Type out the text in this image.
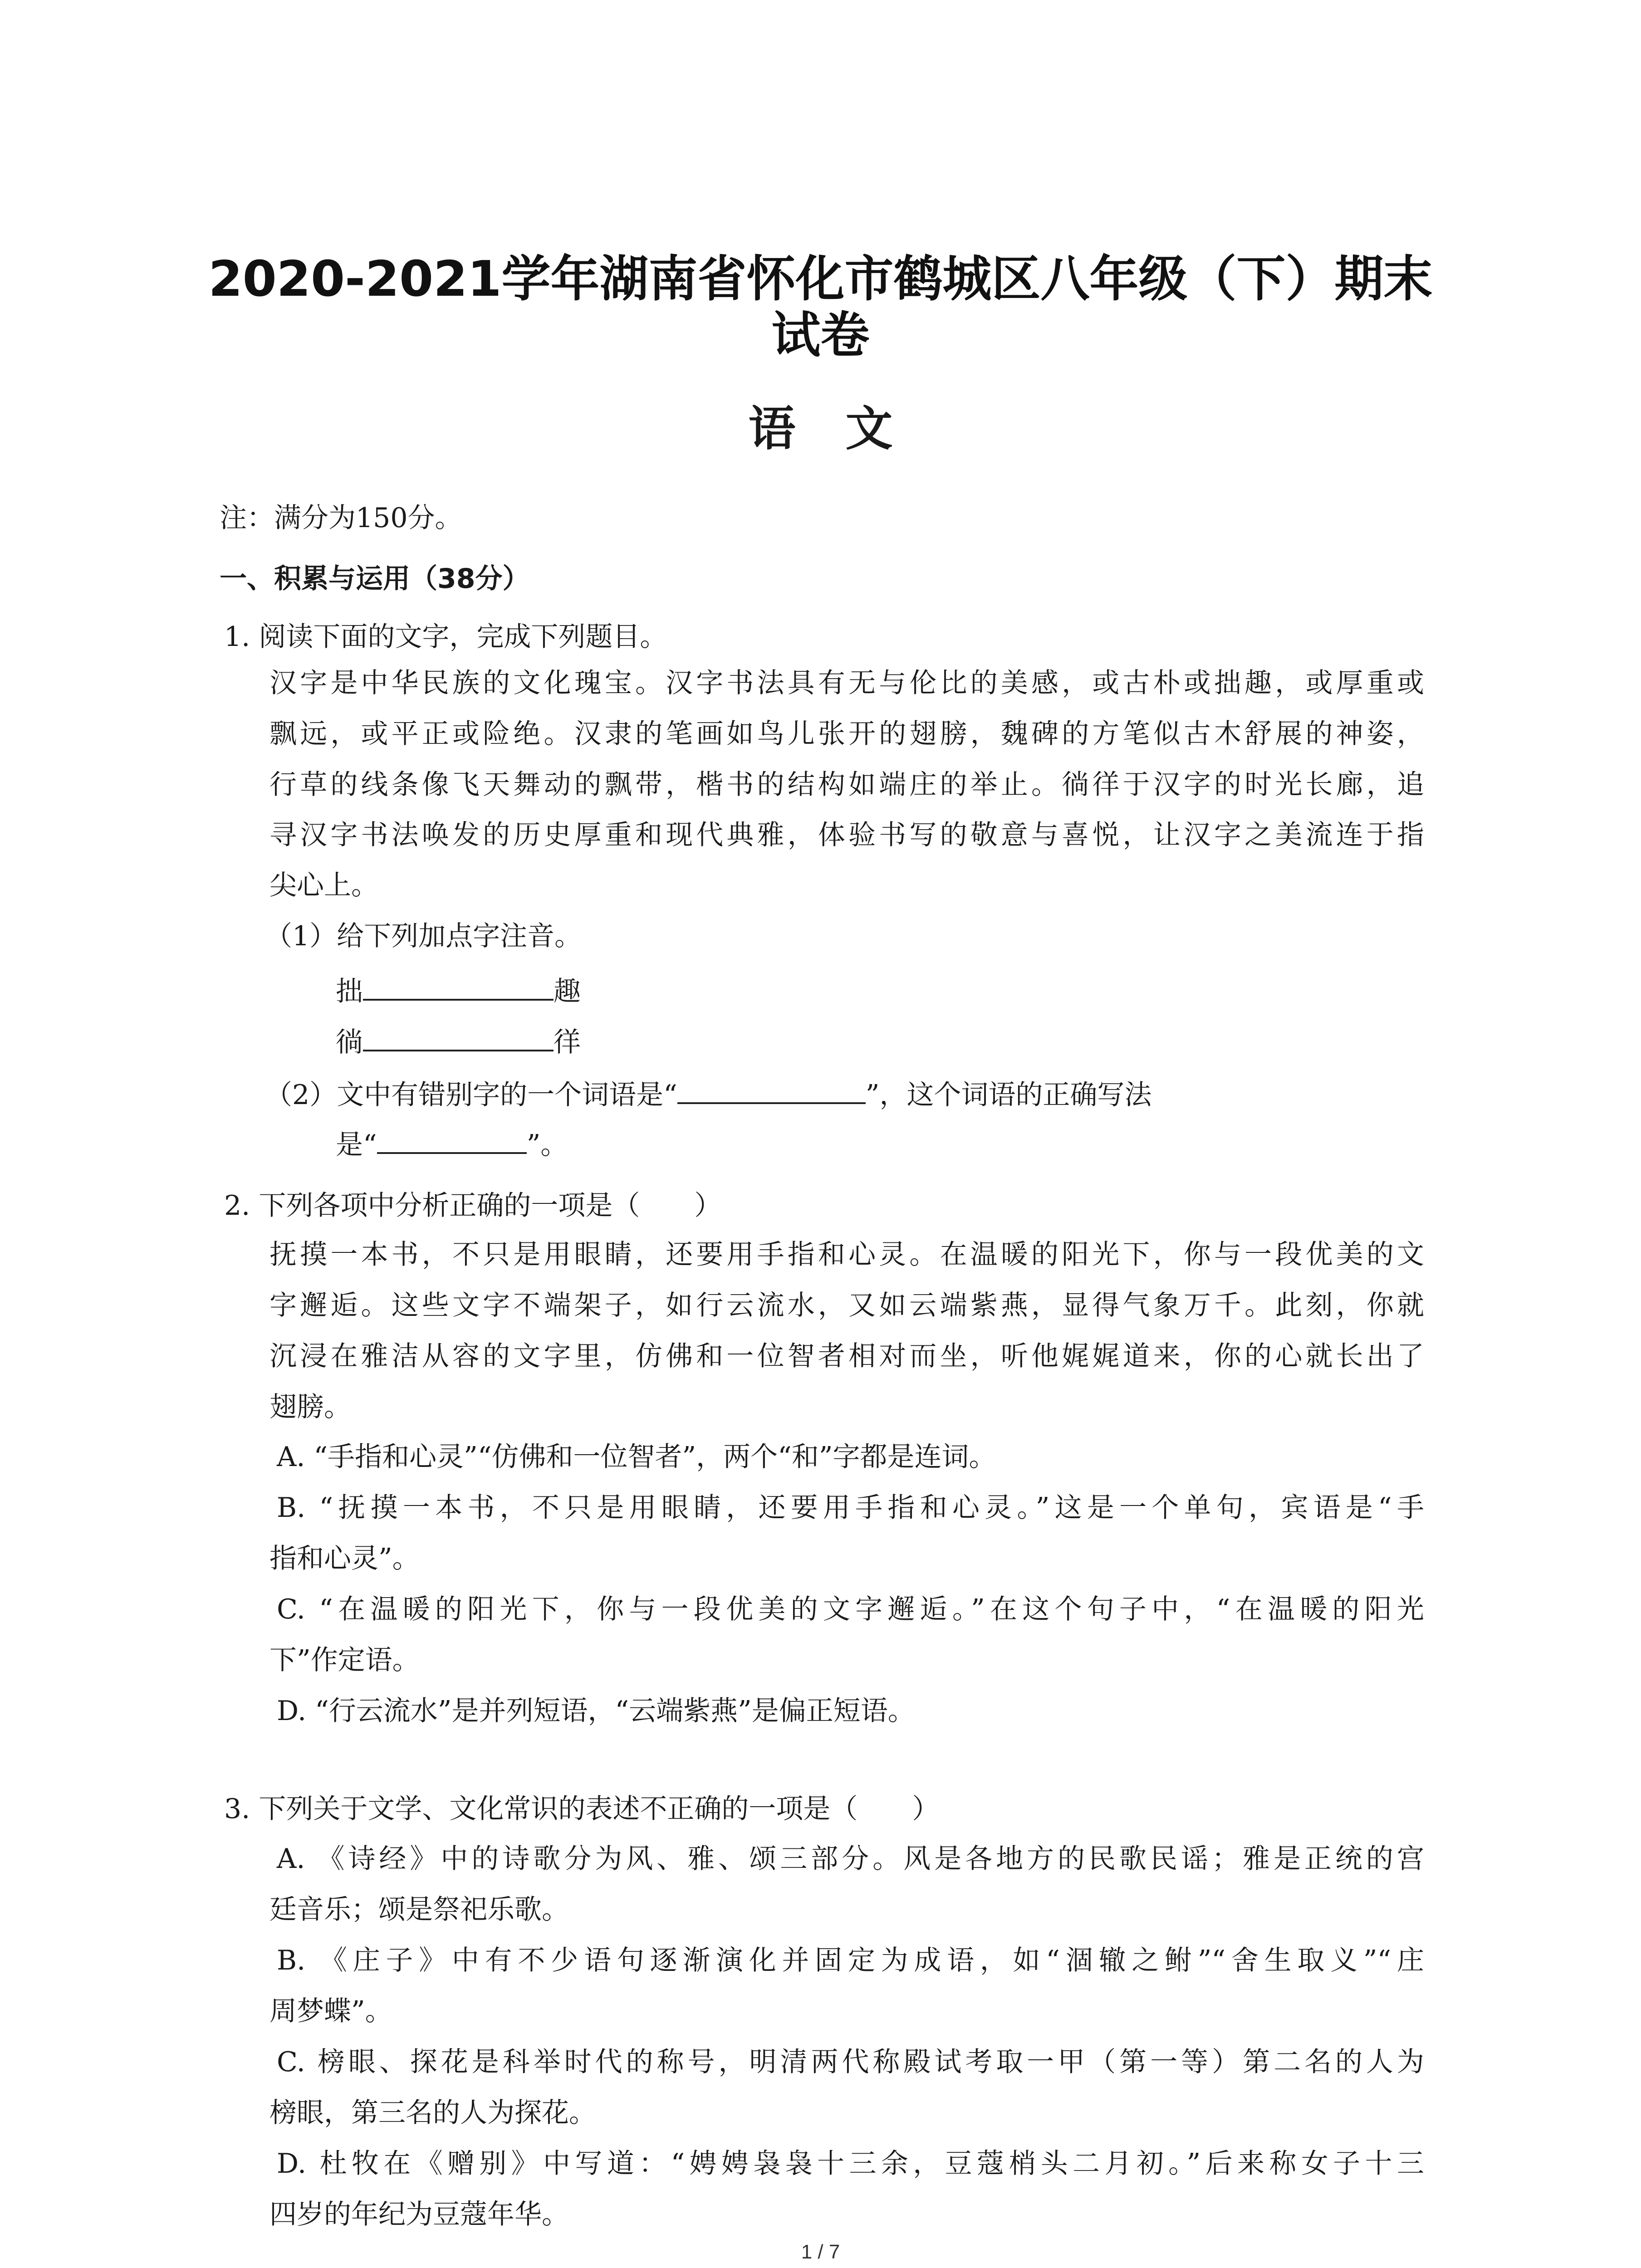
2020-2021学年湖南省怀化市鹤城区八年级（下）期末
试卷
语文
注：满分为150分。
一、积累与运用（38分）
1. 阅读下面的文字，完成下列题目。
汉字是中华民族的文化瑰宝。汉字书法具有无与伦比的美感，或古朴或拙趣，或厚重或
飘远，或平正或险绝。汉隶的笔画如鸟儿张开的翅膀，魏碑的方笔似古木舒展的神姿，
行草的线条像飞天舞动的飘带，楷书的结构如端庄的举止。徜徉于汉字的时光长廊，追
寻汉字书法唤发的历史厚重和现代典雅，体验书写的敬意与喜悦，让汉字之美流连于指
尖心上。
（1）给下列加点字注音。
拙	趣
徜	徉
（2）文中有错别字的一个词语是“	”，这个词语的正确写法
是“	”。
2. 下列各项中分析正确的一项是（　　）
抚摸一本书，不只是用眼睛，还要用手指和心灵。在温暖的阳光下，你与一段优美的文
字邂逅。这些文字不端架子，如行云流水，又如云端紫燕，显得气象万千。此刻，你就
沉浸在雅洁从容的文字里，仿佛和一位智者相对而坐，听他娓娓道来，你的心就长出了
翅膀。
A. “手指和心灵”“仿佛和一位智者”，两个“和”字都是连词。
B. “抚摸一本书，不只是用眼睛，还要用手指和心灵。”这是一个单句，宾语是“手
指和心灵”。
C. “在温暖的阳光下，你与一段优美的文字邂逅。”在这个句子中，“在温暖的阳光
下”作定语。
D. “行云流水”是并列短语，“云端紫燕”是偏正短语。
3. 下列关于文学、文化常识的表述不正确的一项是（　　）
A. 《诗经》中的诗歌分为风、雅、颂三部分。风是各地方的民歌民谣；雅是正统的宫
廷音乐；颂是祭祀乐歌。
B. 《庄子》中有不少语句逐渐演化并固定为成语，如“涸辙之鲋”“舍生取义”“庄
周梦蝶”。
C. 榜眼、探花是科举时代的称号，明清两代称殿试考取一甲（第一等）第二名的人为
榜眼，第三名的人为探花。
D. 杜牧在《赠别》中写道：“娉娉袅袅十三余，豆蔻梢头二月初。”后来称女子十三
四岁的年纪为豆蔻年华。
1 / 7
